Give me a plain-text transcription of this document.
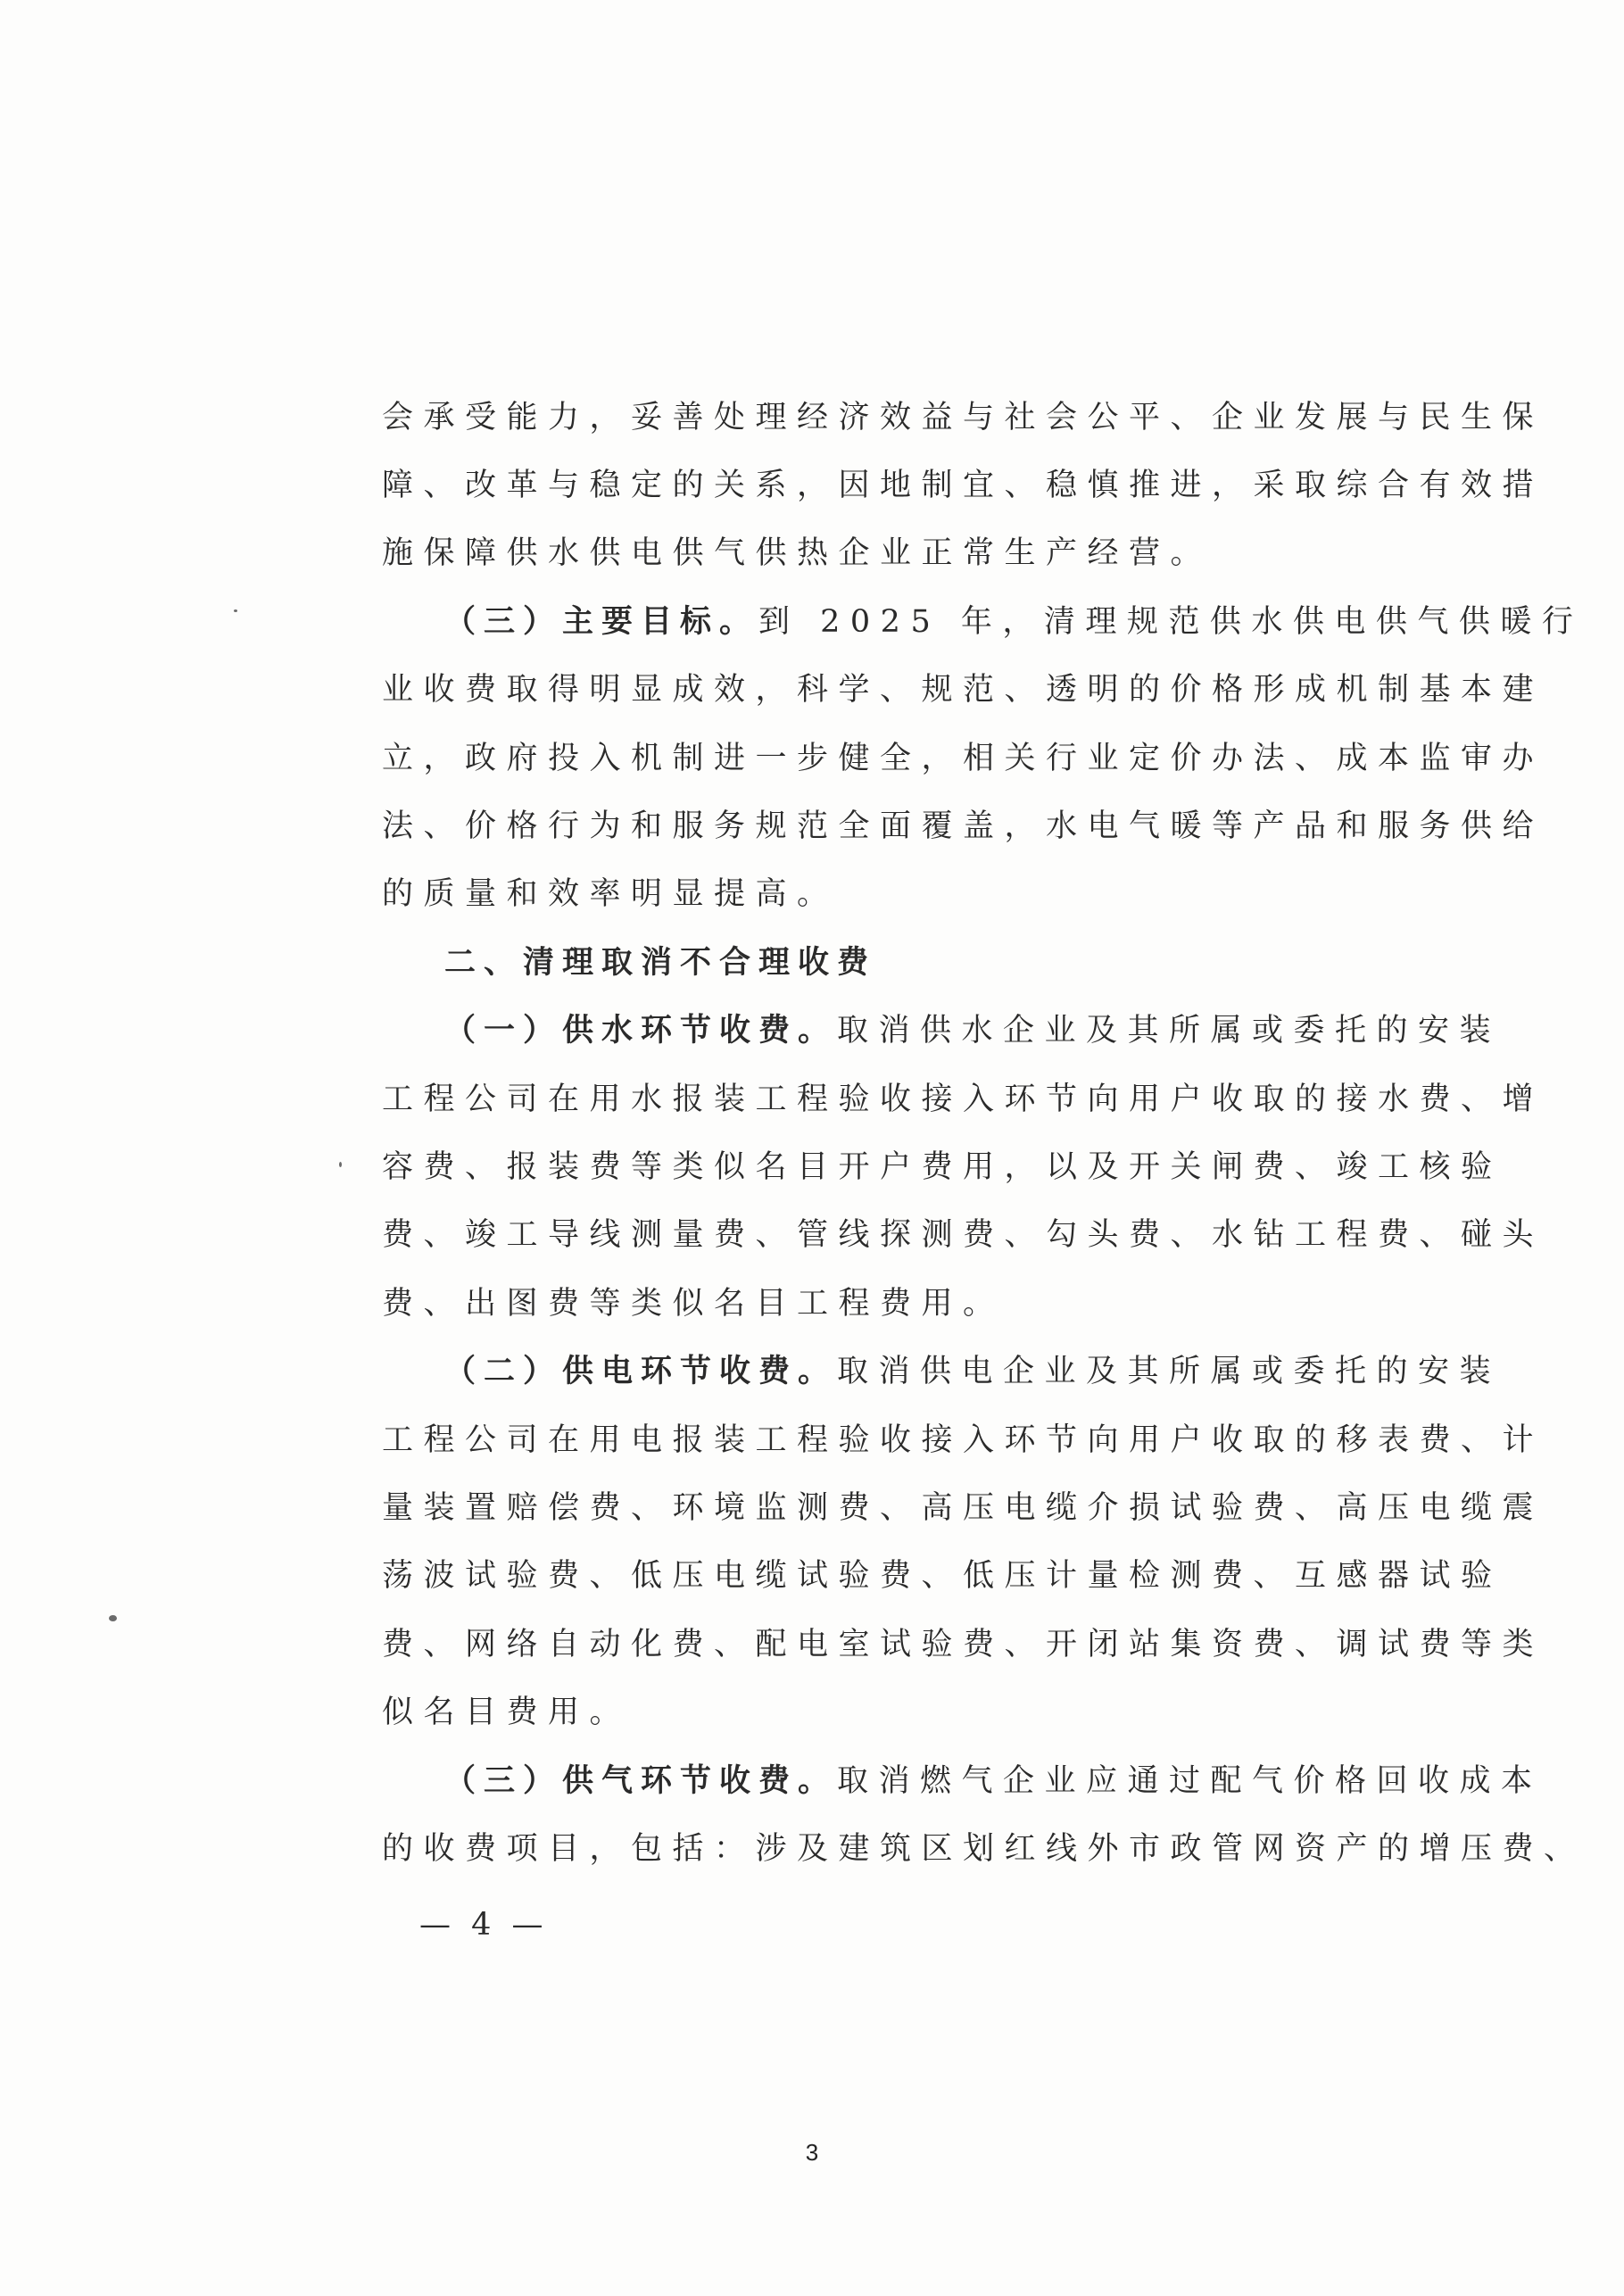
会承受能力，妥善处理经济效益与社会公平、企业发展与民生保
障、改革与稳定的关系，因地制宜、稳慎推进，采取综合有效措
施保障供水供电供气供热企业正常生产经营。
（三）主要目标。到 2025 年，清理规范供水供电供气供暖行
业收费取得明显成效，科学、规范、透明的价格形成机制基本建
立，政府投入机制进一步健全，相关行业定价办法、成本监审办
法、价格行为和服务规范全面覆盖，水电气暖等产品和服务供给
的质量和效率明显提高。
二、清理取消不合理收费
（一）供水环节收费。取消供水企业及其所属或委托的安装
工程公司在用水报装工程验收接入环节向用户收取的接水费、增
容费、报装费等类似名目开户费用，以及开关闸费、竣工核验
费、竣工导线测量费、管线探测费、勾头费、水钻工程费、碰头
费、出图费等类似名目工程费用。
（二）供电环节收费。取消供电企业及其所属或委托的安装
工程公司在用电报装工程验收接入环节向用户收取的移表费、计
量装置赔偿费、环境监测费、高压电缆介损试验费、高压电缆震
荡波试验费、低压电缆试验费、低压计量检测费、互感器试验
费、网络自动化费、配电室试验费、开闭站集资费、调试费等类
似名目费用。
（三）供气环节收费。取消燃气企业应通过配气价格回收成本
的收费项目，包括：涉及建筑区划红线外市政管网资产的增压费、
— 4 —
3
